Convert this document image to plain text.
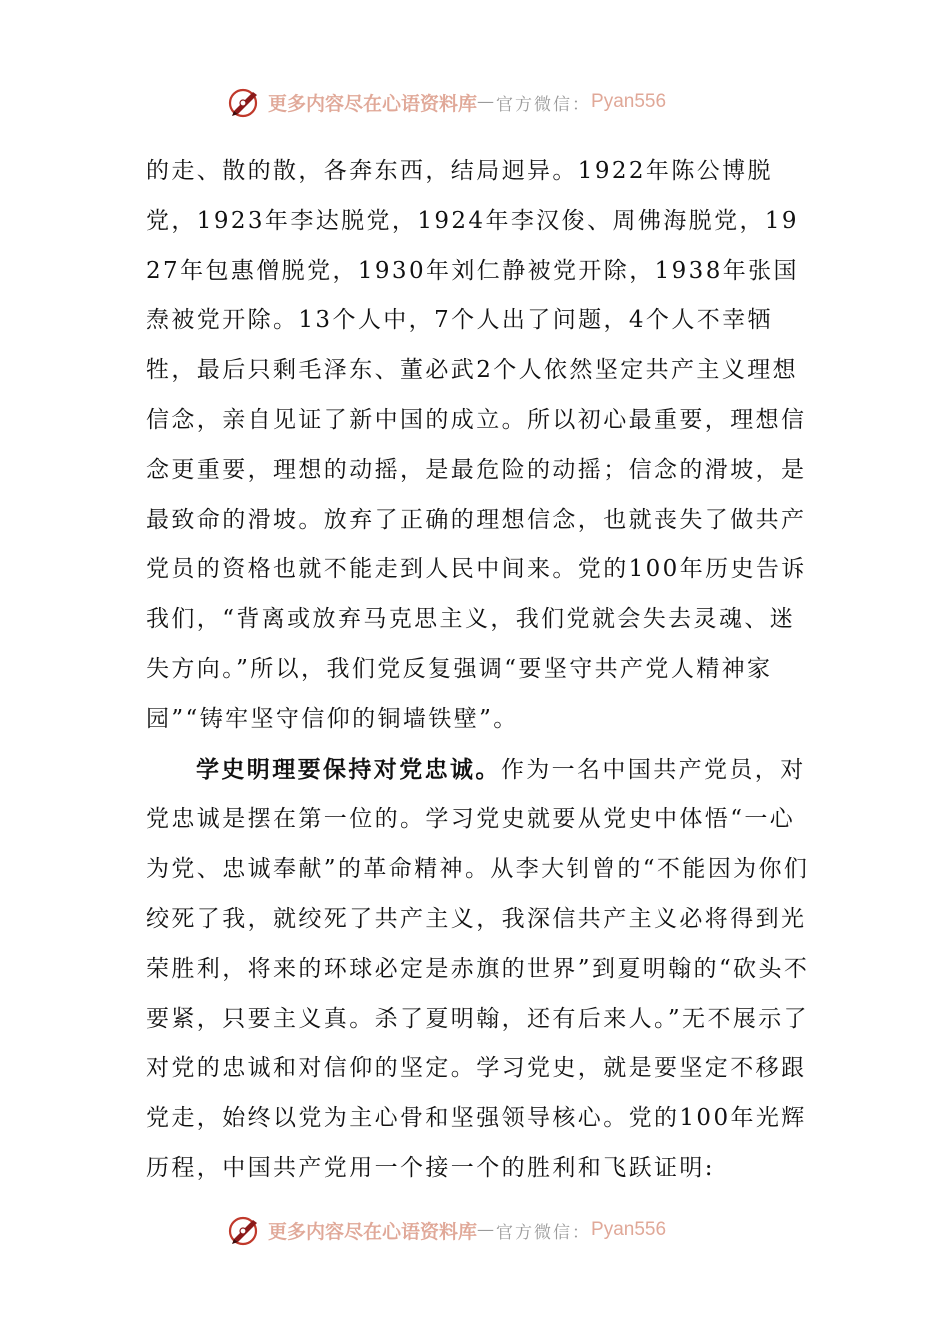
更多内容尽在心语资料库 — 官方微信： Pyan556

的走、散的散，各奔东西，结局迥异。1922年陈公博脱党，1923年李达脱党，1924年李汉俊、周佛海脱党，1927年包惠僧脱党，1930年刘仁静被党开除，1938年张国焘被党开除。13个人中，7个人出了问题，4个人不幸牺牲，最后只剩毛泽东、董必武2个人依然坚定共产主义理想信念，亲自见证了新中国的成立。所以初心最重要，理想信念更重要，理想的动摇，是最危险的动摇；信念的滑坡，是最致命的滑坡。放弃了正确的理想信念，也就丧失了做共产党员的资格也就不能走到人民中间来。党的100年历史告诉我们，“背离或放弃马克思主义，我们党就会失去灵魂、迷失方向。”所以，我们党反复强调“要坚守共产党人精神家园”“铸牢坚守信仰的铜墙铁壁”。

学史明理要保持对党忠诚。作为一名中国共产党员，对党忠诚是摆在第一位的。学习党史就要从党史中体悟“一心为党、忠诚奉献”的革命精神。从李大钊曾的“不能因为你们绞死了我，就绞死了共产主义，我深信共产主义必将得到光荣胜利，将来的环球必定是赤旗的世界”到夏明翰的“砍头不要紧，只要主义真。杀了夏明翰，还有后来人。”无不展示了对党的忠诚和对信仰的坚定。学习党史，就是要坚定不移跟党走，始终以党为主心骨和坚强领导核心。党的100年光辉历程，中国共产党用一个接一个的胜利和飞跃证明:

更多内容尽在心语资料库 — 官方微信： Pyan556
